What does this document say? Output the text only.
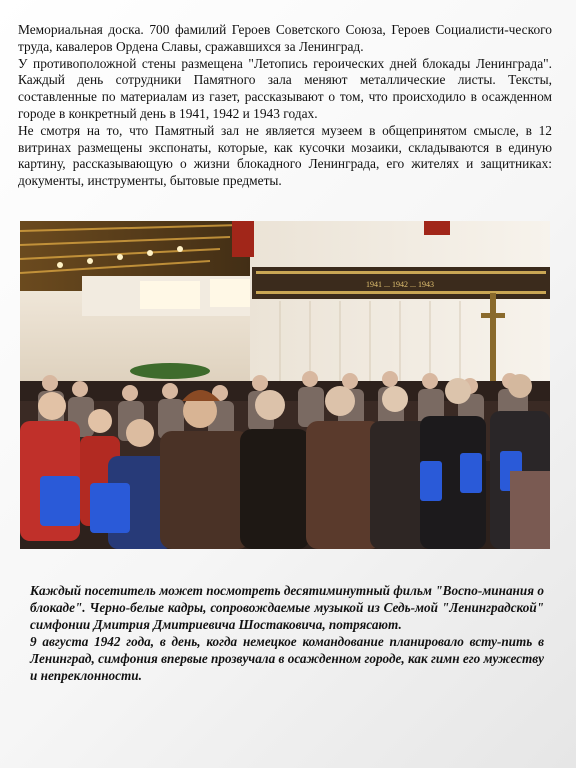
Мемориальная доска. 700 фамилий Героев Советского Союза, Героев Социалисти-ческого труда, кавалеров Ордена Славы, сражавшихся за Ленинград.

У противоположной стены размещена "Летопись героических дней блокады Ленинграда". Каждый день сотрудники Памятного зала меняют металлические листы. Тексты, составленные по материалам из газет, рассказывают о том, что происходило в осажденном городе в конкретный день в 1941, 1942 и 1943 годах.

Не смотря на то, что Памятный зал не является музеем в общепринятом смысле, в 12 витринах размещены экспонаты, которые, как кусочки мозаики, складываются в единую картину, рассказывающую о жизни блокадного Ленинграда, его жителях и защитниках: документы, инструменты, бытовые предметы.

1941 ... 1942 ... 1943

Каждый посетитель может посмотреть десятиминутный фильм "Воспо-минания о блокаде". Черно-белые кадры, сопровождаемые музыкой из Седь-мой "Ленинградской" симфонии Дмитрия Дмитриевича Шостаковича, потрясают.

9 августа 1942 года, в день, когда немецкое командование планировало всту-пить в Ленинград, симфония впервые прозвучала в осажденном городе, как гимн его мужеству и непреклонности.
